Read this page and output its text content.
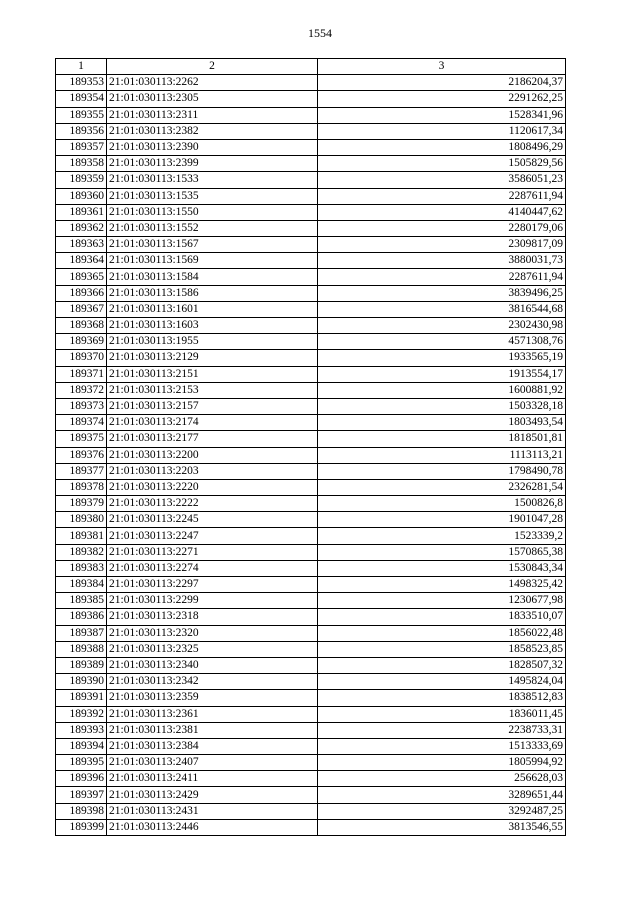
1554
1	2	3
189353	21:01:030113:2262	2186204,37
189354	21:01:030113:2305	2291262,25
189355	21:01:030113:2311	1528341,96
189356	21:01:030113:2382	1120617,34
189357	21:01:030113:2390	1808496,29
189358	21:01:030113:2399	1505829,56
189359	21:01:030113:1533	3586051,23
189360	21:01:030113:1535	2287611,94
189361	21:01:030113:1550	4140447,62
189362	21:01:030113:1552	2280179,06
189363	21:01:030113:1567	2309817,09
189364	21:01:030113:1569	3880031,73
189365	21:01:030113:1584	2287611,94
189366	21:01:030113:1586	3839496,25
189367	21:01:030113:1601	3816544,68
189368	21:01:030113:1603	2302430,98
189369	21:01:030113:1955	4571308,76
189370	21:01:030113:2129	1933565,19
189371	21:01:030113:2151	1913554,17
189372	21:01:030113:2153	1600881,92
189373	21:01:030113:2157	1503328,18
189374	21:01:030113:2174	1803493,54
189375	21:01:030113:2177	1818501,81
189376	21:01:030113:2200	1113113,21
189377	21:01:030113:2203	1798490,78
189378	21:01:030113:2220	2326281,54
189379	21:01:030113:2222	1500826,8
189380	21:01:030113:2245	1901047,28
189381	21:01:030113:2247	1523339,2
189382	21:01:030113:2271	1570865,38
189383	21:01:030113:2274	1530843,34
189384	21:01:030113:2297	1498325,42
189385	21:01:030113:2299	1230677,98
189386	21:01:030113:2318	1833510,07
189387	21:01:030113:2320	1856022,48
189388	21:01:030113:2325	1858523,85
189389	21:01:030113:2340	1828507,32
189390	21:01:030113:2342	1495824,04
189391	21:01:030113:2359	1838512,83
189392	21:01:030113:2361	1836011,45
189393	21:01:030113:2381	2238733,31
189394	21:01:030113:2384	1513333,69
189395	21:01:030113:2407	1805994,92
189396	21:01:030113:2411	256628,03
189397	21:01:030113:2429	3289651,44
189398	21:01:030113:2431	3292487,25
189399	21:01:030113:2446	3813546,55
